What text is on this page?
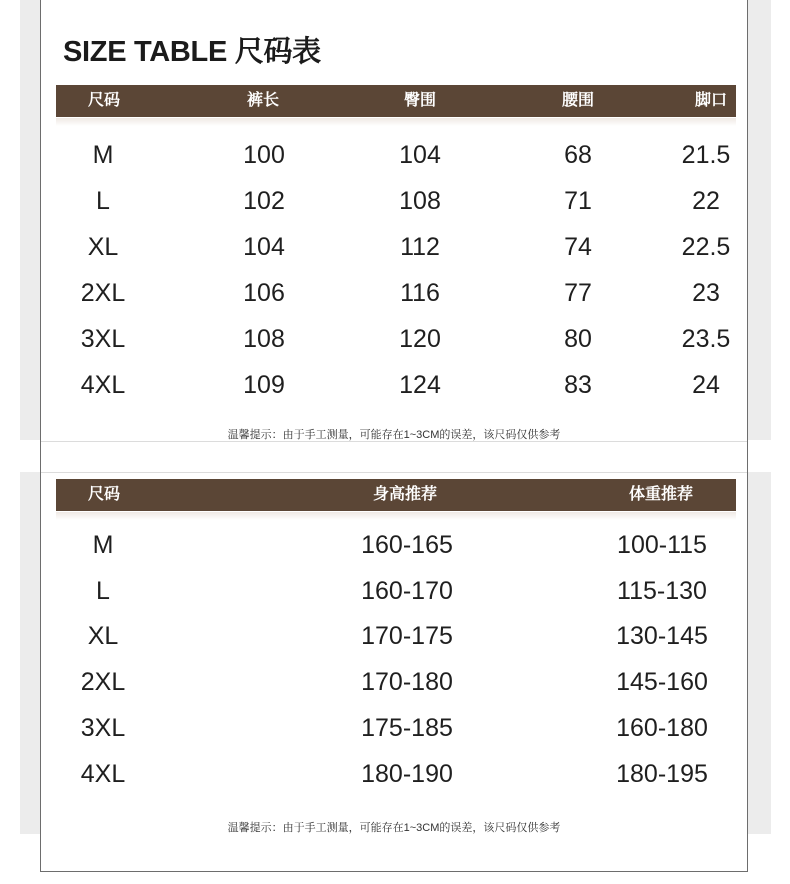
SIZE TABLE 尺码表
尺码	裤长	臀围	腰围	脚口
M	100	104	68	21.5
L	102	108	71	22
XL	104	112	74	22.5
2XL	106	116	77	23
3XL	108	120	80	23.5
4XL	109	124	83	24
温馨提示：由于手工测量，可能存在1~3CM的误差，该尺码仅供参考
尺码	身高推荐	体重推荐
M	160-165	100-115
L	160-170	115-130
XL	170-175	130-145
2XL	170-180	145-160
3XL	175-185	160-180
4XL	180-190	180-195
温馨提示：由于手工测量，可能存在1~3CM的误差，该尺码仅供参考
